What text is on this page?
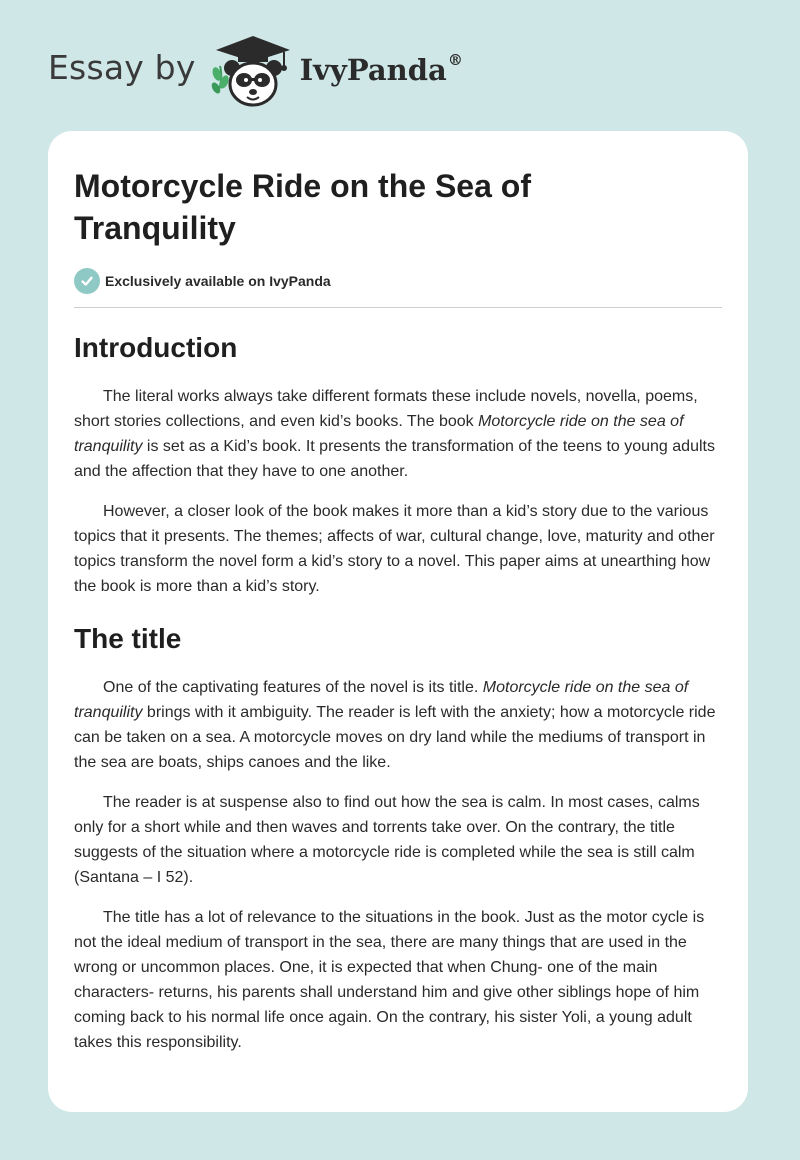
Essay by	IvyPanda®
Motorcycle Ride on the Sea of Tranquility
Exclusively available on IvyPanda
Introduction

The literal works always take different formats these include novels, novella, poems, short stories collections, and even kid’s books. The book Motorcycle ride on the sea of tranquility is set as a Kid’s book. It presents the transformation of the teens to young adults and the affection that they have to one another.

However, a closer look of the book makes it more than a kid’s story due to the various topics that it presents. The themes; affects of war, cultural change, love, maturity and other topics transform the novel form a kid’s story to a novel. This paper aims at unearthing how the book is more than a kid’s story.

The title

One of the captivating features of the novel is its title. Motorcycle ride on the sea of tranquility brings with it ambiguity. The reader is left with the anxiety; how a motorcycle ride can be taken on a sea. A motorcycle moves on dry land while the mediums of transport in the sea are boats, ships canoes and the like.

The reader is at suspense also to find out how the sea is calm. In most cases, calms only for a short while and then waves and torrents take over. On the contrary, the title suggests of the situation where a motorcycle ride is completed while the sea is still calm (Santana – I 52).

The title has a lot of relevance to the situations in the book. Just as the motor cycle is not the ideal medium of transport in the sea, there are many things that are used in the wrong or uncommon places. One, it is expected that when Chung- one of the main characters- returns, his parents shall understand him and give other siblings hope of him coming back to his normal life once again. On the contrary, his sister Yoli, a young adult takes this responsibility.
